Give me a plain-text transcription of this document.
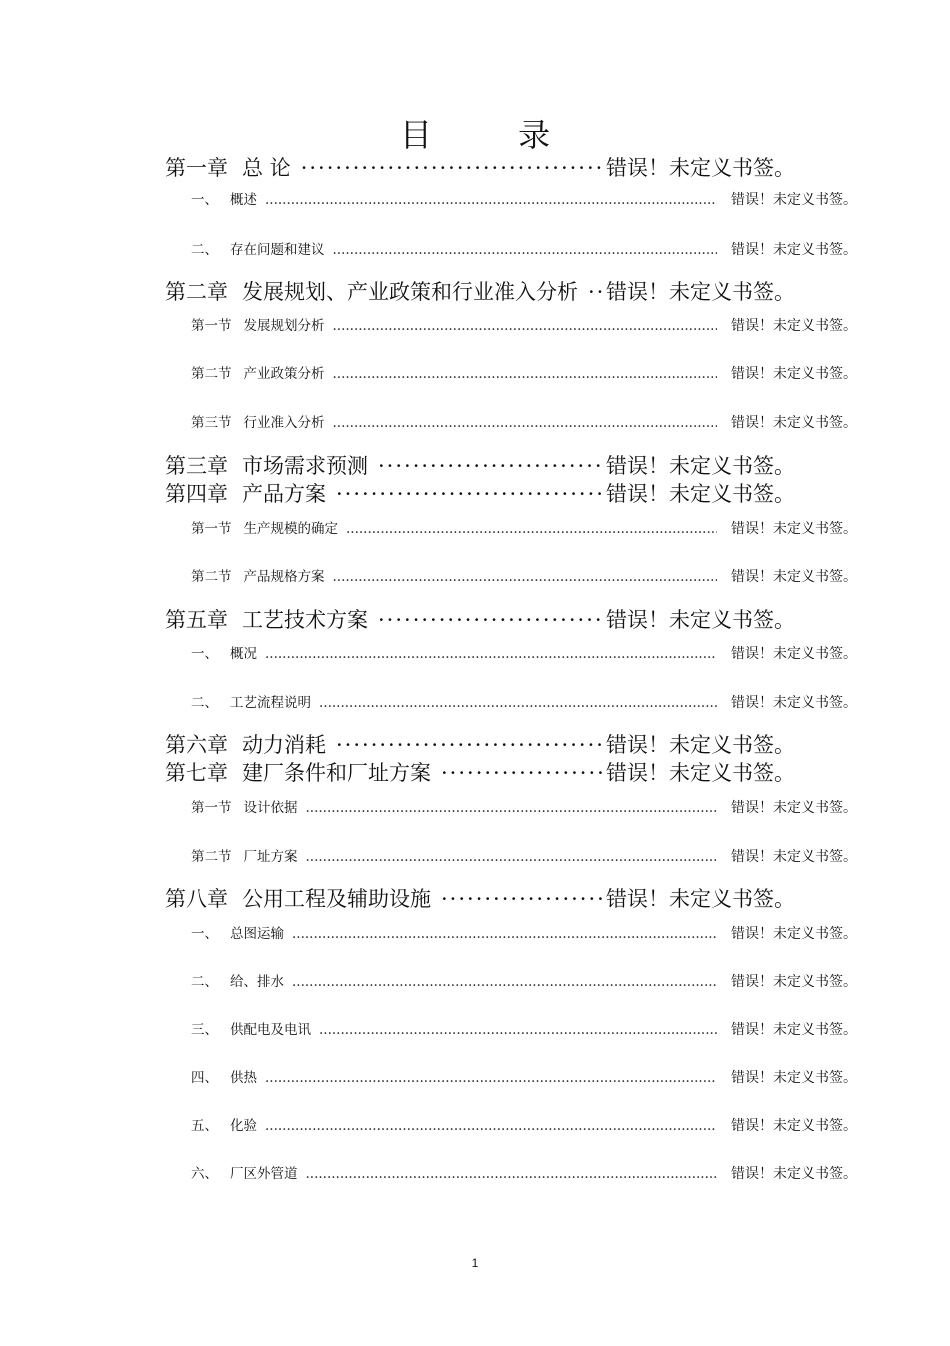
目 录
第一章 总 论 ·····	错误！未定义书签。
一、 概述 .....	错误！未定义书签。
二、 存在问题和建议 .....	错误！未定义书签。
第二章 发展规划、产业政策和行业准入分析 ····· 错误！未定义书签。
第一节 发展规划分析 .....	错误！未定义书签。
第二节 产业政策分析 .....	错误！未定义书签。
第三节 行业准入分析 .....	错误！未定义书签。
第三章 市场需求预测 ·····	错误！未定义书签。
第四章 产品方案 ·····	错误！未定义书签。
第一节 生产规模的确定 .....	错误！未定义书签。
第二节 产品规格方案 .....	错误！未定义书签。
第五章 工艺技术方案 ·····	错误！未定义书签。
一、 概况 .....	错误！未定义书签。
二、 工艺流程说明 .....	错误！未定义书签。
第六章 动力消耗 ·····	错误！未定义书签。
第七章 建厂条件和厂址方案 ·····	错误！未定义书签。
第一节 设计依据 .....	错误！未定义书签。
第二节 厂址方案 .....	错误！未定义书签。
第八章 公用工程及辅助设施 ·····	错误！未定义书签。
一、 总图运输 .....	错误！未定义书签。
二、 给、排水 .....	错误！未定义书签。
三、 供配电及电讯 .....	错误！未定义书签。
四、 供热 .....	错误！未定义书签。
五、 化验 .....	错误！未定义书签。
六、 厂区外管道 .....	错误！未定义书签。
1
